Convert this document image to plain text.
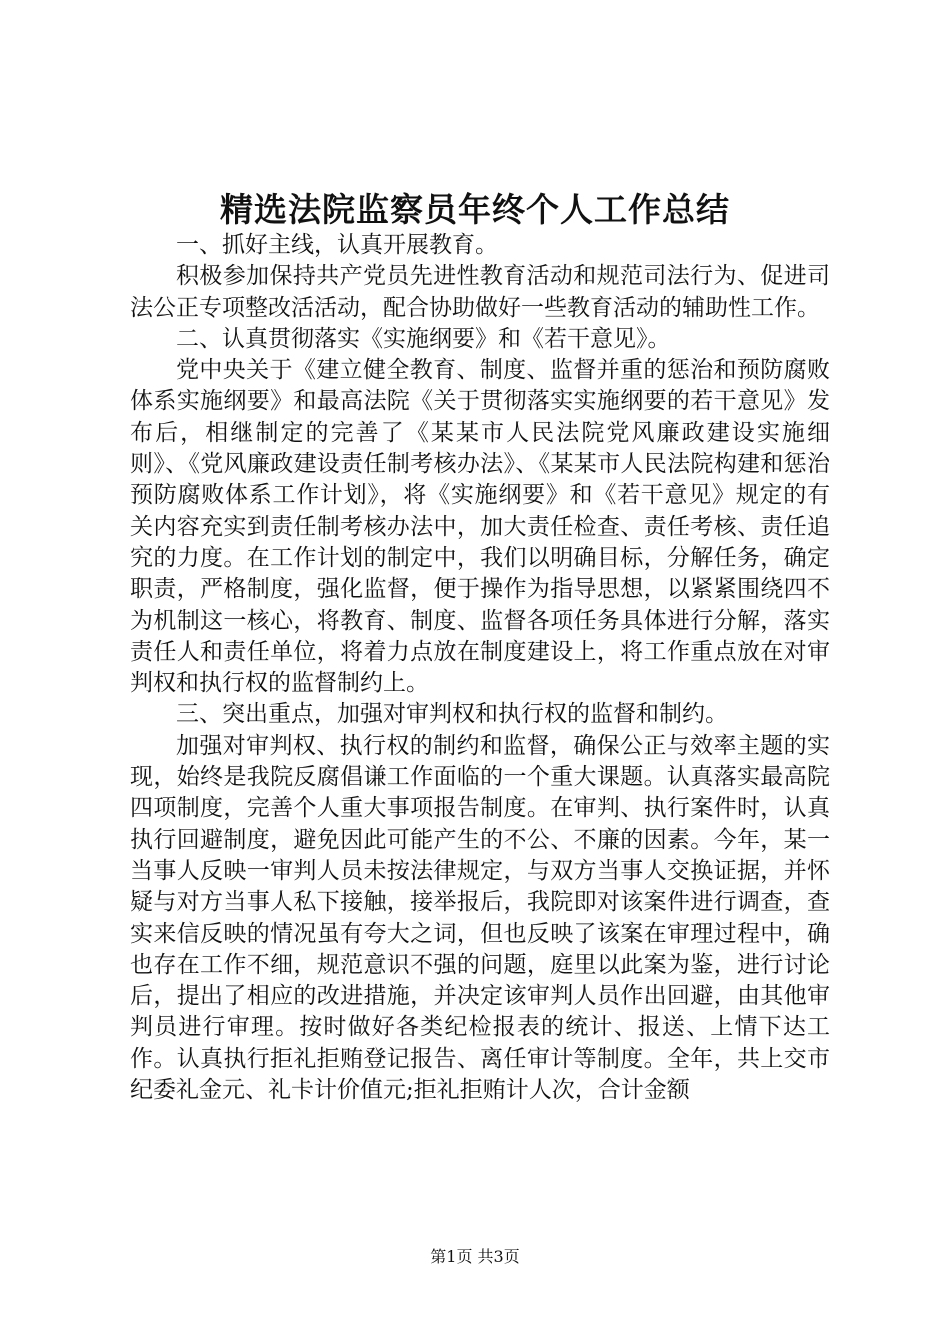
精选法院监察员年终个人工作总结

一、抓好主线，认真开展教育。

积极参加保持共产党员先进性教育活动和规范司法行为、促进司法公正专项整改活活动，配合协助做好一些教育活动的辅助性工作。

二、认真贯彻落实《实施纲要》和《若干意见》。

党中央关于《建立健全教育、制度、监督并重的惩治和预防腐败体系实施纲要》和最高法院《关于贯彻落实实施纲要的若干意见》发布后，相继制定的完善了《某某市人民法院党风廉政建设实施细则》、《党风廉政建设责任制考核办法》、《某某市人民法院构建和惩治预防腐败体系工作计划》，将《实施纲要》和《若干意见》规定的有关内容充实到责任制考核办法中，加大责任检查、责任考核、责任追究的力度。在工作计划的制定中，我们以明确目标，分解任务，确定职责，严格制度，强化监督，便于操作为指导思想，以紧紧围绕四不为机制这一核心，将教育、制度、监督各项任务具体进行分解，落实责任人和责任单位，将着力点放在制度建设上，将工作重点放在对审判权和执行权的监督制约上。

三、突出重点，加强对审判权和执行权的监督和制约。

加强对审判权、执行权的制约和监督，确保公正与效率主题的实现，始终是我院反腐倡谦工作面临的一个重大课题。认真落实最高院四项制度，完善个人重大事项报告制度。在审判、执行案件时，认真执行回避制度，避免因此可能产生的不公、不廉的因素。今年，某一当事人反映一审判人员未按法律规定，与双方当事人交换证据，并怀疑与对方当事人私下接触，接举报后，我院即对该案件进行调查，查实来信反映的情况虽有夸大之词，但也反映了该案在审理过程中，确也存在工作不细，规范意识不强的问题，庭里以此案为鉴，进行讨论后，提出了相应的改进措施，并决定该审判人员作出回避，由其他审判员进行审理。按时做好各类纪检报表的统计、报送、上情下达工作。认真执行拒礼拒贿登记报告、离任审计等制度。全年，共上交市纪委礼金元、礼卡计价值元;拒礼拒贿计人次，合计金额

第1页 共3页
